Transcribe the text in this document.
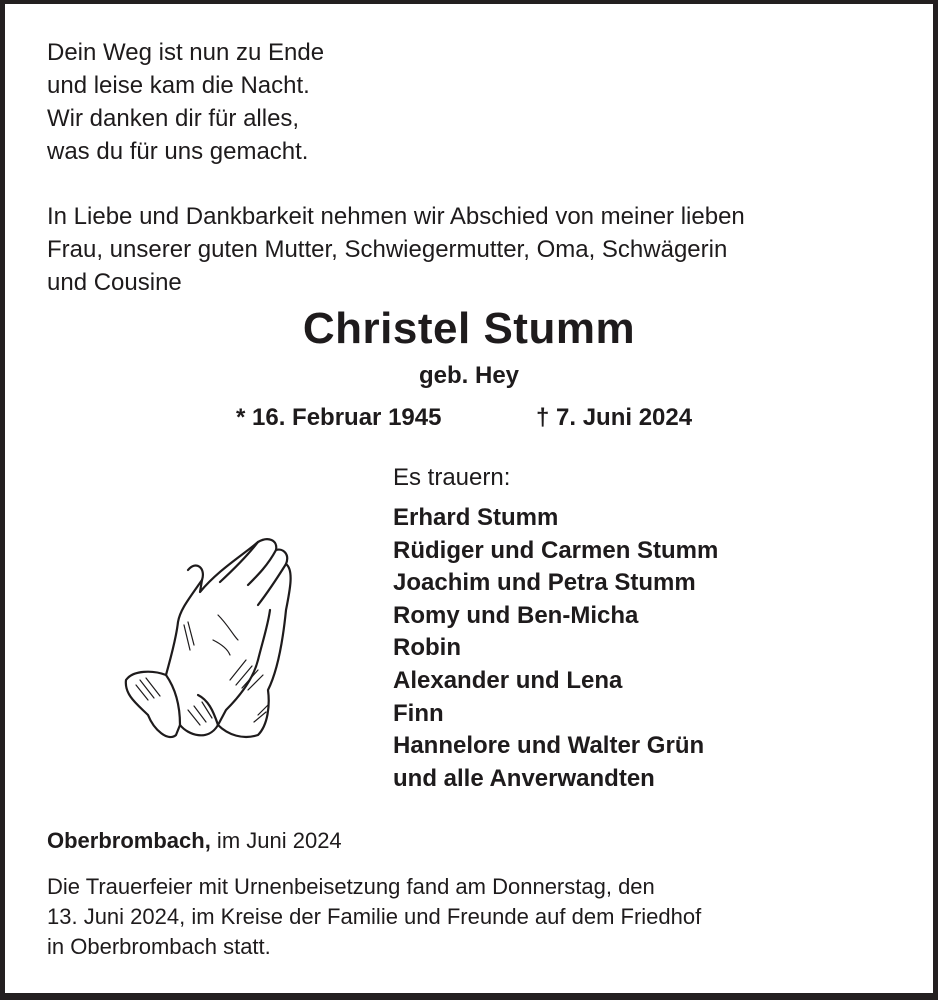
Dein Weg ist nun zu Ende
und leise kam die Nacht.
Wir danken dir für alles,
was du für uns gemacht.
In Liebe und Dankbarkeit nehmen wir Abschied von meiner lieben
Frau, unserer guten Mutter, Schwiegermutter, Oma, Schwägerin
und Cousine
Christel Stumm
geb. Hey
* 16. Februar 1945	† 7. Juni 2024
Es trauern:
Erhard Stumm
Rüdiger und Carmen Stumm
Joachim und Petra Stumm
Romy und Ben-Micha
Robin
Alexander und Lena
Finn
Hannelore und Walter Grün
und alle Anverwandten
Oberbrombach, im Juni 2024
Die Trauerfeier mit Urnenbeisetzung fand am Donnerstag, den
13. Juni 2024, im Kreise der Familie und Freunde auf dem Friedhof
in Oberbrombach statt.
